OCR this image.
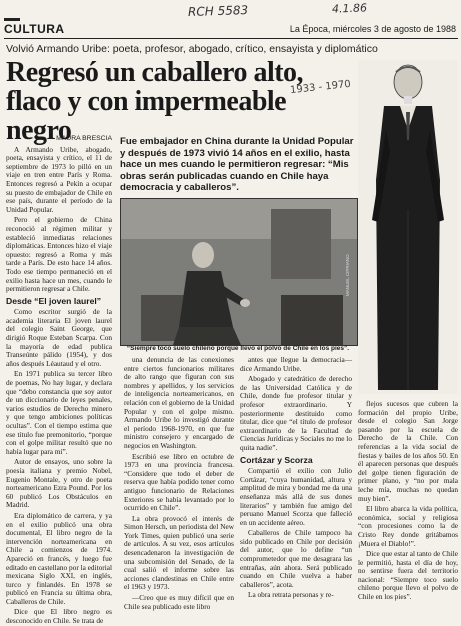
RCH 5583	4.1.86
CULTURA	La Época, miércoles 3 de agosto de 1988
Volvió Armando Uribe: poeta, profesor, abogado, crítico, ensayista y diplomático
Regresó un caballero alto, flaco y con impermeable negro
1933 - 1970
Fue embajador en China durante la Unidad Popular y después de 1973 vivió 14 años en el exilio, hasta hace un mes cuando le permitieron regresar: “Mis obras serán publicadas cuando en Chile haya democracia y caballeros”.
MANUEL CIPRIANO
“Siempre toco suelo chileno porque llevo el polvo de Chile en los pies”.

MAURA BRESCIA

A Armando Uribe, abogado, poeta, ensayista y crítico, el 11 de septiembre de 1973 lo pilló en un viaje en tren entre París y Roma. Entonces regresó a Pekín a ocupar su puesto de embajador de Chile en ese país, durante el período de la Unidad Popular.

Pero el gobierno de China reconoció al régimen militar y estableció inmediatas relaciones diplomáticas. Entonces hizo el viaje opuesto: regresó a Roma y más tarde a París. De esto hace 14 años. Todo ese tiempo permaneció en el exilio hasta hace un mes, cuando le permitieron regresar a Chile.

Desde “El joven laurel”

Como escritor surgió de la academia literaria El joven laurel del colegio Saint George, que dirigió Roque Esteban Scarpa. Con la mayoría de edad publica Transeúnte pálido (1954), y dos años después Léautaud y el otro.

En 1971 publica su tercer libro de poemas, No hay lugar, y declara que “debo constancia que soy autor de un diccionario de leyes penales, varios estudios de Derecho minero y que tengo ambiciones políticas ocultas”. Con el tiempo estima que ese título fue premonitorio, “porque con el golpe militar resultó que no había lugar para mí”.

Autor de ensayos, uno sobre la poesía italiana y premio Nobel, Eugenio Montale, y otro de poeta norteamericano Ezra Pound. Por los 60 publicó Los Obstáculos en Madrid.

Era diplomático de carrera, y ya en el exilio publicó una obra documental, El libro negro de la intervención norteamericana en Chile a comienzos de 1974. Apareció en francés, y luego fue editado en castellano por la editorial mexicana Siglo XXI, en inglés, turco y finlandés. En 1978 se publicó en Francia su última obra, Caballeros de Chile.

Dice que El libro negro es desconocido en Chile. Se trata de

una denuncia de las conexiones entre ciertos funcionarios militares de alto rango que figuran con sus nombres y apellidos, y los servicios de inteligencia norteamericanos, en relación con el gobierno de la Unidad Popular y con el golpe mismo. Armando Uribe lo investigó durante el período 1968-1970, en que fue ministro consejero y encargado de negocios en Washington.

Escribió ese libro en octubre de 1973 en una provincia francesa. “Considere que todo el deber de reserva que había podido tener como antiguo funcionario de Relaciones Exteriores se había levantado por lo ocurrido en Chile”.

La obra provocó el interés de Simon Hersch, un periodista del New York Times, quien publicó una serie de artículos. A su vez, esos artículos desencadenaron la investigación de una subcomisión del Senado, de la cual salió el informe sobre las acciones clandestinas en Chile entre el 1963 y 1973.

—Creo que es muy difícil que en Chile sea publicado este libro

antes que llegue la democracia— dice Armando Uribe.

Abogado y catedrático de derecho de las Universidad Católica y de Chile, donde fue profesor titular y profesor extraordinario. Y posteriormente destituido como titular, dice que “el título de profesor extraordinario de la Facultad de Ciencias Jurídicas y Sociales no me lo quita nadie”.

Cortázar y Scorza

Compartió el exilio con Julio Cortázar, “cuya humanidad, altura y amplitud de mira y bondad me da una enseñanza más allá de sus dones literarios” y también fue amigo del peruano Manuel Scorza que falleció en un accidente aéreo.

Caballeros de Chile tampoco ha sido publicado en Chile por decisión del autor, que lo define “un comprometedor que me desagrara las entrañas, aún ahora. Será publicado cuando en Chile vuelva a haber caballeros”, acota.

La obra retrata personas y re-

flejos sucesos que cubren la formación del propio Uribe, desde el colegio San Jorge pasando por la escuela de Derecho de la Chile. Con referencias a la vida social de fiestas y bailes de los años 50. En él aparecen personas que después del golpe tienen figuración de primer plano, y “no por mala leche mía, muchas no quedan muy bien”.

El libro abarca la vida política, económica, social y religiosa “con procesiones como la de Cristo Rey donde gritábamos ¡Muera el Diablo!”.

Dice que estar al tanto de Chile le permitió, hasta el día de hoy, no sentirse fuera del territorio nacional: “Siempre toco suelo chileno porque llevo el polvo de Chile en los pies”.
